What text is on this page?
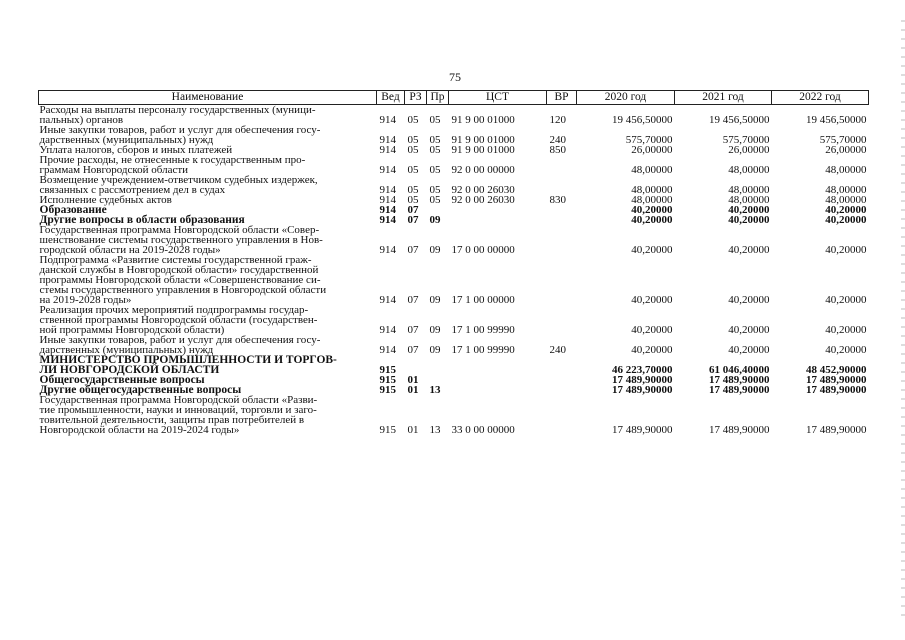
75
Наименование	Вед	РЗ	Пр	ЦСТ	ВР	2020 год	2021 год	2022 год
Расходы на выплаты персоналу государственных (муници-
пальных) органов	914	05	05	91 9 00 01000	120	19 456,50000	19 456,50000	19 456,50000
Иные закупки товаров, работ и услуг для обеспечения госу-
дарственных (муниципальных) нужд	914	05	05	91 9 00 01000	240	575,70000	575,70000	575,70000
Уплата налогов, сборов и иных платежей	914	05	05	91 9 00 01000	850	26,00000	26,00000	26,00000
Прочие расходы, не отнесенные к государственным про-
граммам Новгородской области	914	05	05	92 0 00 00000		48,00000	48,00000	48,00000
Возмещение учреждением-ответчиком судебных издержек,
связанных с рассмотрением дел в судах	914	05	05	92 0 00 26030		48,00000	48,00000	48,00000
Исполнение судебных актов	914	05	05	92 0 00 26030	830	48,00000	48,00000	48,00000
Образование	914	07				40,20000	40,20000	40,20000
Другие вопросы в области образования	914	07	09			40,20000	40,20000	40,20000
Государственная программа Новгородской области «Совер-
шенствование системы государственного управления в Нов-
городской области на 2019-2028 годы»	914	07	09	17 0 00 00000		40,20000	40,20000	40,20000
Подпрограмма «Развитие системы государственной граж-
данской службы в Новгородской области» государственной
программы Новгородской области «Совершенствование си-
стемы государственного управления в Новгородской области
на 2019-2028 годы»	914	07	09	17 1 00 00000		40,20000	40,20000	40,20000
Реализация прочих мероприятий подпрограммы государ-
ственной программы Новгородской области (государствен-
ной программы Новгородской области)	914	07	09	17 1 00 99990		40,20000	40,20000	40,20000
Иные закупки товаров, работ и услуг для обеспечения госу-
дарственных (муниципальных) нужд	914	07	09	17 1 00 99990	240	40,20000	40,20000	40,20000
МИНИСТЕРСТВО ПРОМЫШЛЕННОСТИ И ТОРГОВ-
ЛИ НОВГОРОДСКОЙ ОБЛАСТИ	915					46 223,70000	61 046,40000	48 452,90000
Общегосударственные вопросы	915	01				17 489,90000	17 489,90000	17 489,90000
Другие общегосударственные вопросы	915	01	13			17 489,90000	17 489,90000	17 489,90000
Государственная программа Новгородской области «Разви-
тие промышленности, науки и инноваций, торговли и заго-
товительной деятельности, защиты прав потребителей в
Новгородской области на 2019-2024 годы»	915	01	13	33 0 00 00000		17 489,90000	17 489,90000	17 489,90000
